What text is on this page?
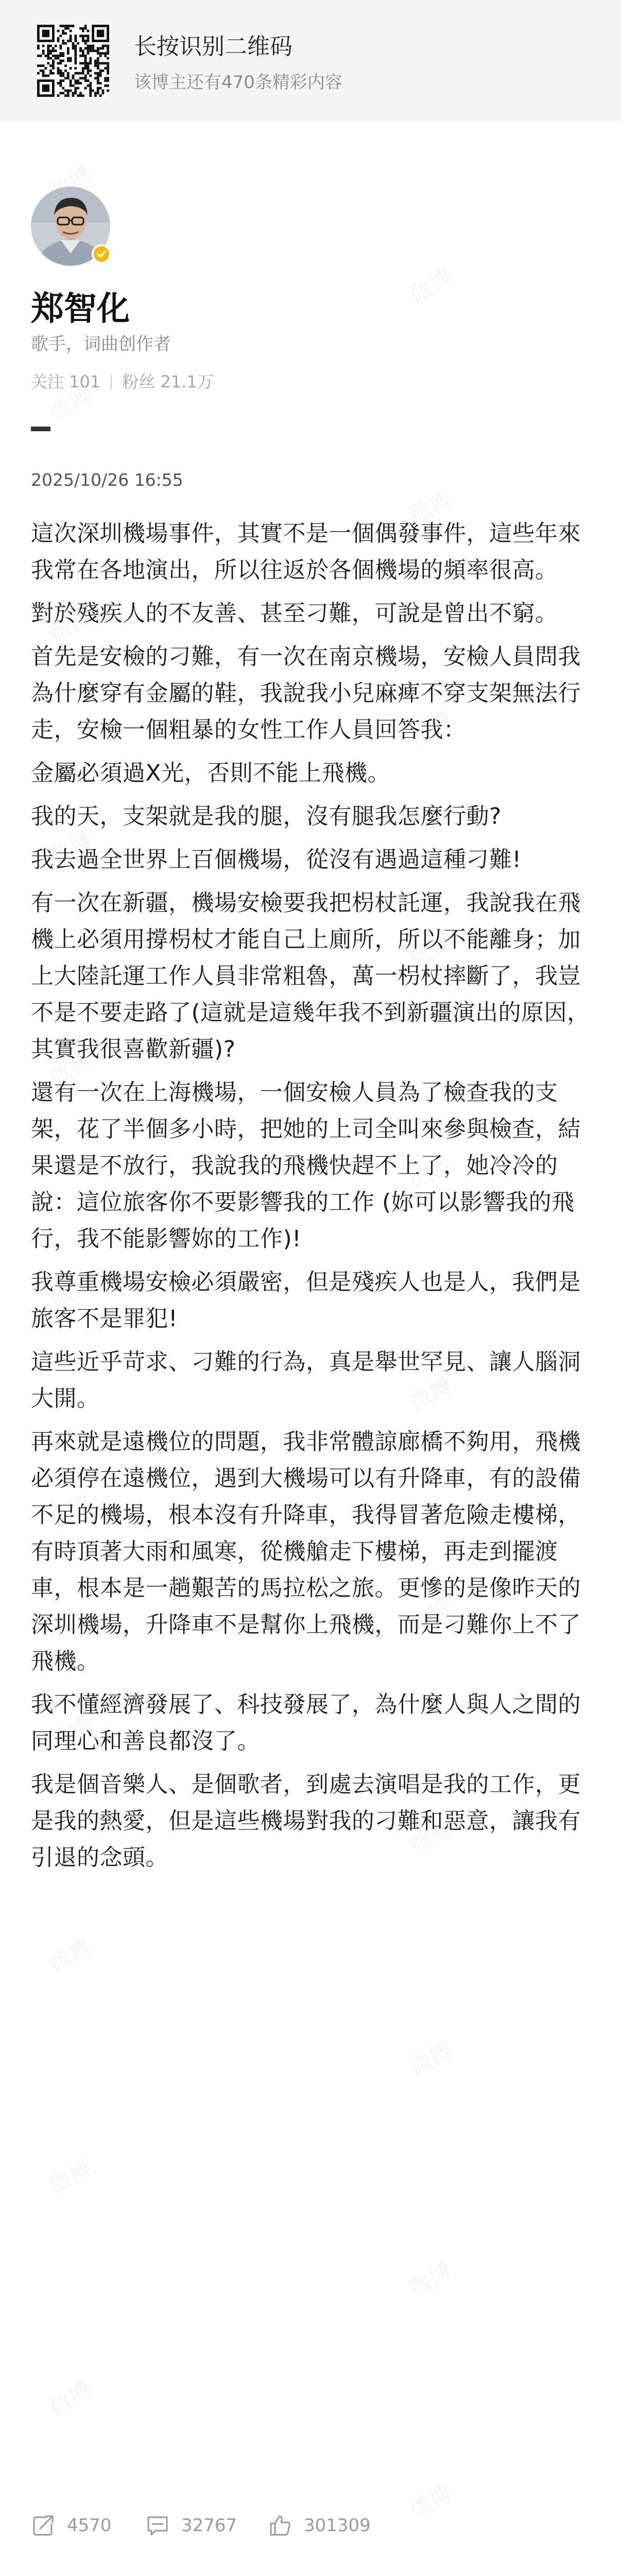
长按识别二维码
该博主还有470条精彩内容
郑智化
歌手，词曲创作者
关注 101 粉丝 21.1万
2025/10/26 16:55

這次深圳機場事件，其實不是一個偶發事件，這些年來我常在各地演出，所以往返於各個機場的頻率很高。

對於殘疾人的不友善、甚至刁難，可說是曾出不窮。

首先是安檢的刁難，有一次在南京機場，安檢人員問我為什麼穿有金屬的鞋，我說我小兒麻痺不穿支架無法行走，安檢一個粗暴的女性工作人員回答我：

金屬必須過X光，否則不能上飛機。

我的天，支架就是我的腿，沒有腿我怎麼行動?

我去過全世界上百個機場，從沒有遇過這種刁難!

有一次在新疆，機場安檢要我把枴杖託運，我說我在飛機上必須用撐枴杖才能自己上廁所，所以不能離身；加上大陸託運工作人員非常粗魯，萬一枴杖摔斷了，我豈不是不要走路了(這就是這幾年我不到新疆演出的原因，其實我很喜歡新疆)?

還有一次在上海機場，一個安檢人員為了檢查我的支架，花了半個多小時，把她的上司全叫來參與檢查，結果還是不放行，我說我的飛機快趕不上了，她冷冷的說：這位旅客你不要影響我的工作 (妳可以影響我的飛行，我不能影響妳的工作)!

我尊重機場安檢必須嚴密，但是殘疾人也是人，我們是旅客不是罪犯!

這些近乎苛求、刁難的行為，真是舉世罕見、讓人腦洞大開。

再來就是遠機位的問題，我非常體諒廊橋不夠用，飛機必須停在遠機位，遇到大機場可以有升降車，有的設備不足的機場，根本沒有升降車，我得冒著危險走樓梯，有時頂著大雨和風寒，從機艙走下樓梯，再走到擺渡車，根本是一趟艱苦的馬拉松之旅。更慘的是像昨天的深圳機場，升降車不是幫你上飛機，而是刁難你上不了飛機。

我不懂經濟發展了、科技發展了，為什麼人與人之間的同理心和善良都沒了。

我是個音樂人、是個歌者，到處去演唱是我的工作，更是我的熱愛，但是這些機場對我的刁難和惡意，讓我有引退的念頭。

4570	32767	301309
